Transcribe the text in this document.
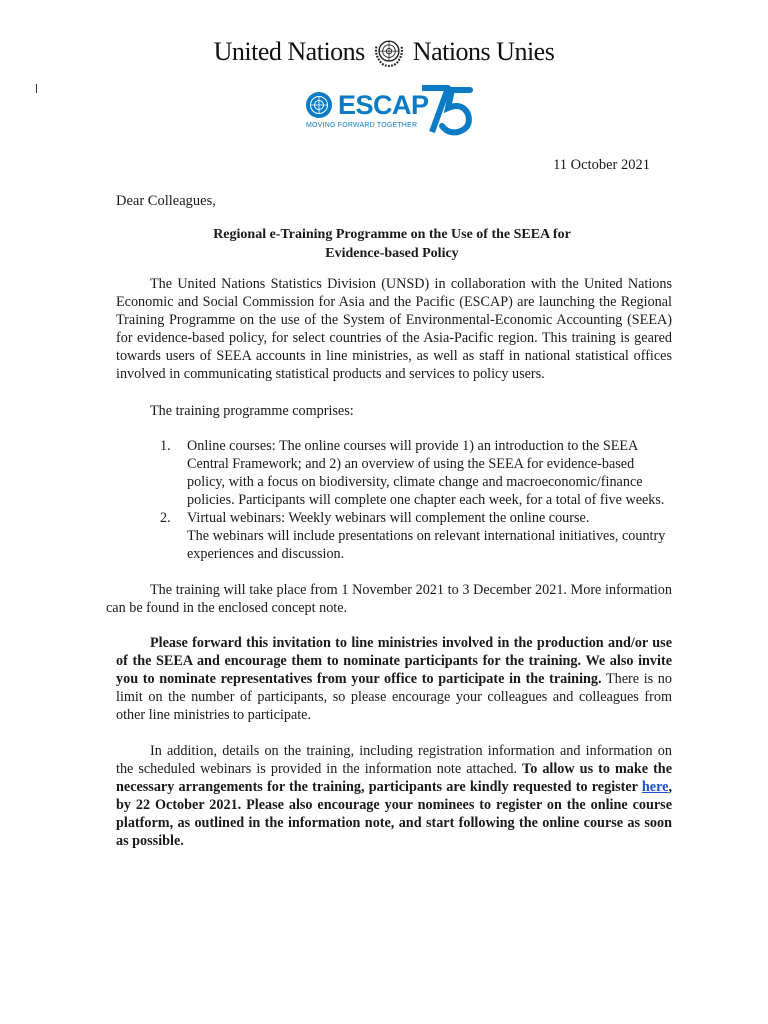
United Nations Nations Unies
ESCAP
MOVING FORWARD TOGETHER
11 October 2021
Dear Colleagues,
Regional e-Training Programme on the Use of the SEEA for
Evidence-based Policy
The United Nations Statistics Division (UNSD) in collaboration with the United Nations Economic and Social Commission for Asia and the Pacific (ESCAP) are launching the Regional Training Programme on the use of the System of Environmental-Economic Accounting (SEEA) for evidence-based policy, for select countries of the Asia-Pacific region. This training is geared towards users of SEEA accounts in line ministries, as well as staff in national statistical offices involved in communicating statistical products and services to policy users.
The training programme comprises:
1.	Online courses: The online courses will provide 1) an introduction to the SEEA Central Framework; and 2) an overview of using the SEEA for evidence-based policy, with a focus on biodiversity, climate change and macroeconomic/finance policies. Participants will complete one chapter each week, for a total of five weeks.
2.	Virtual webinars: Weekly webinars will complement the online course.
The webinars will include presentations on relevant international initiatives, country experiences and discussion.
The training will take place from 1 November 2021 to 3 December 2021. More information can be found in the enclosed concept note.
Please forward this invitation to line ministries involved in the production and/or use of the SEEA and encourage them to nominate participants for the training. We also invite you to nominate representatives from your office to participate in the training. There is no limit on the number of participants, so please encourage your colleagues and colleagues from other line ministries to participate.
In addition, details on the training, including registration information and information on the scheduled webinars is provided in the information note attached. To allow us to make the necessary arrangements for the training, participants are kindly requested to register here, by 22 October 2021. Please also encourage your nominees to register on the online course platform, as outlined in the information note, and start following the online course as soon as possible.
